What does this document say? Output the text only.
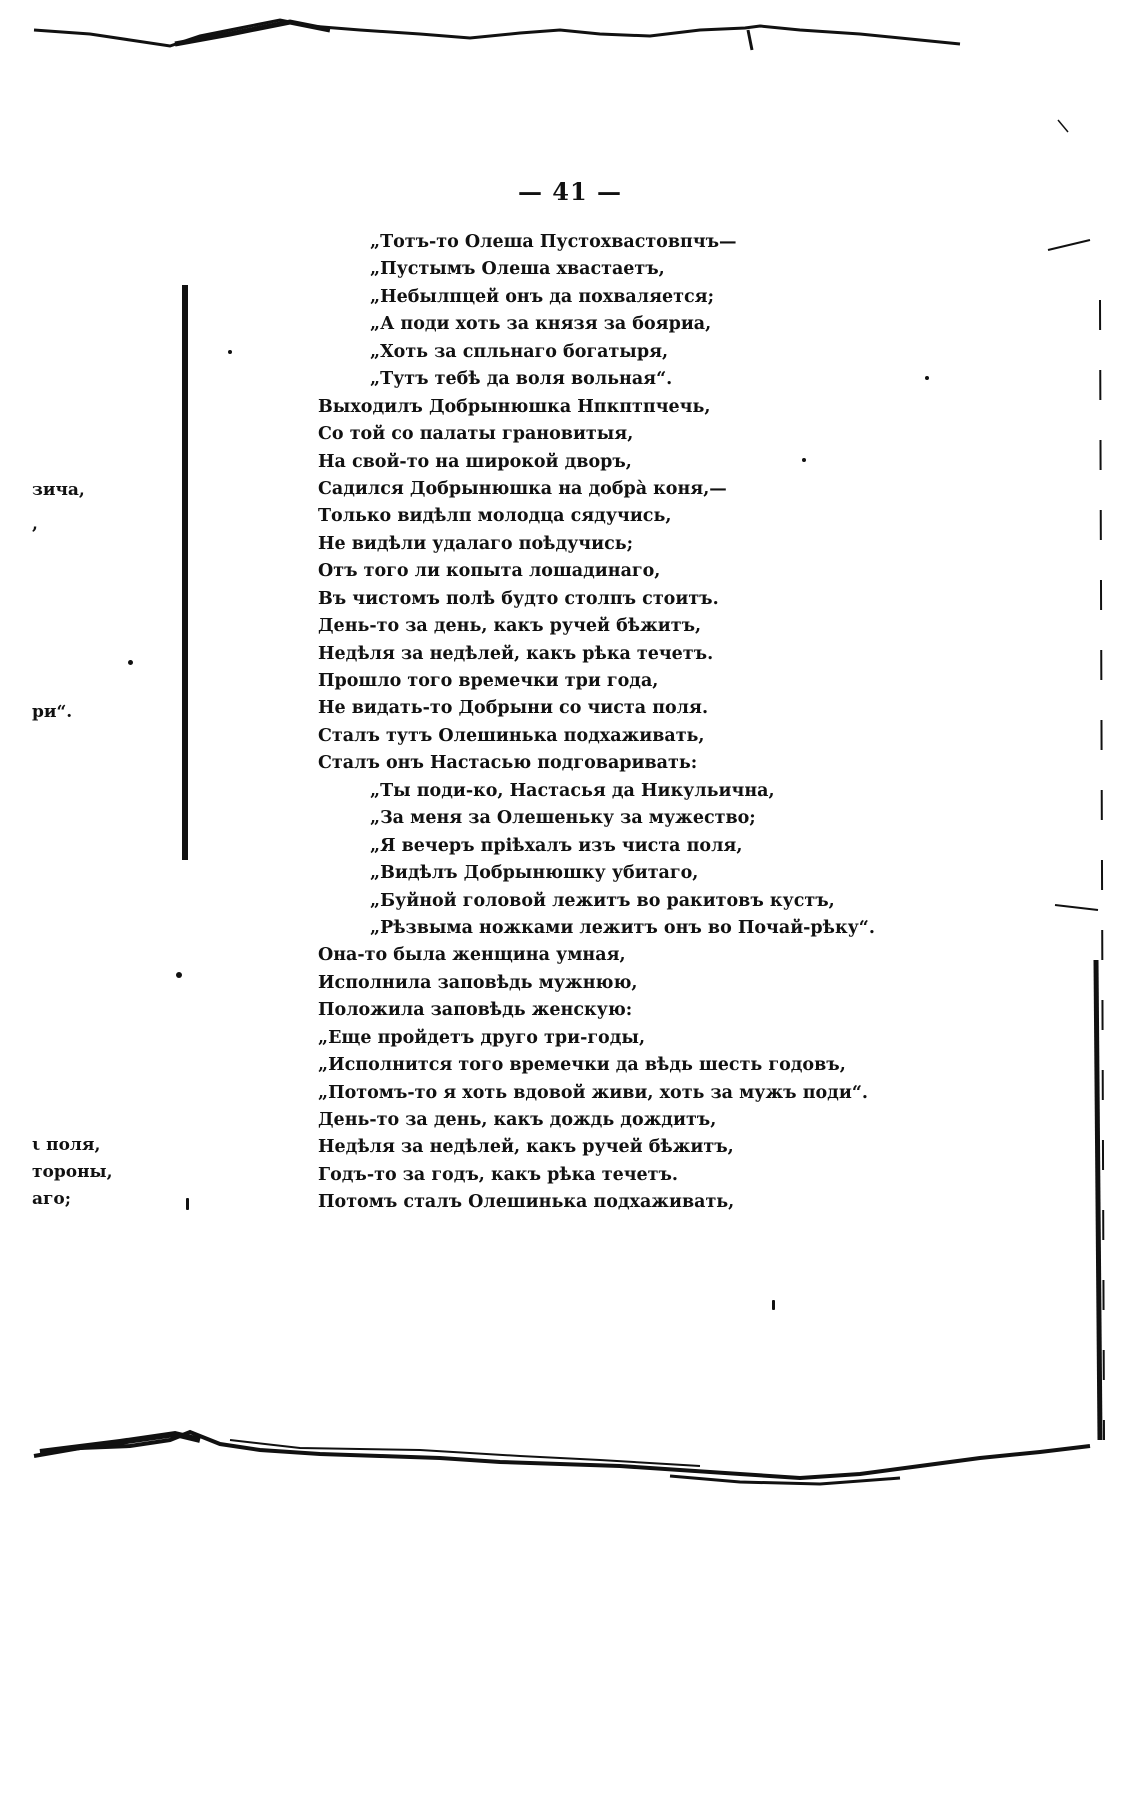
зича,
,
ри“.
ι поля,
тороны,
аго;
— 41 —
„Тотъ-то Олеша Пустохвастовпчъ—
„Пустымъ Олеша хвастаетъ,
„Небылпцей онъ да похваляется;
„А поди хоть за князя за бояриа,
„Хоть за спльнаго богатыря,
„Тутъ тебѣ да воля вольная“.
Выходилъ Добрынюшка Нпкптпчечь,
Со той со палаты грановитыя,
На свой-то на широкой дворъ,
Садился Добрынюшка на добра̀ коня,—
Только видѣлп молодца сядучись,
Не видѣли удалаго поѣдучись;
Отъ того ли копыта лошадинаго,
Въ чистомъ полѣ будто столпъ стоитъ.
День-то за день, какъ ручей бѣжитъ,
Недѣля за недѣлей, какъ рѣка течетъ.
Прошло того времечки три года,
Не видать-то Добрыни со чиста поля.
Сталъ тутъ Олешинька подхаживать,
Сталъ онъ Настасью подговаривать:
„Ты поди-ко, Настасья да Никульична,
„За меня за Олешеньку за мужество;
„Я вечеръ пріѣхалъ изъ чиста поля,
„Видѣлъ Добрынюшку убитаго,
„Буйной головой лежитъ во ракитовъ кустъ,
„Рѣзвыма ножками лежитъ онъ во Почай-рѣку“.
Она-то была женщина умная,
Исполнила заповѣдь мужнюю,
Положила заповѣдь женскую:
„Еще пройдетъ друго три-годы,
„Исполнится того времечки да вѣдь шесть годовъ,
„Потомъ-то я хоть вдовой живи, хоть за мужъ поди“.
День-то за день, какъ дождь дождитъ,
Недѣля за недѣлей, какъ ручей бѣжитъ,
Годъ-то за годъ, какъ рѣка течетъ.
Потомъ сталъ Олешинька подхаживать,
